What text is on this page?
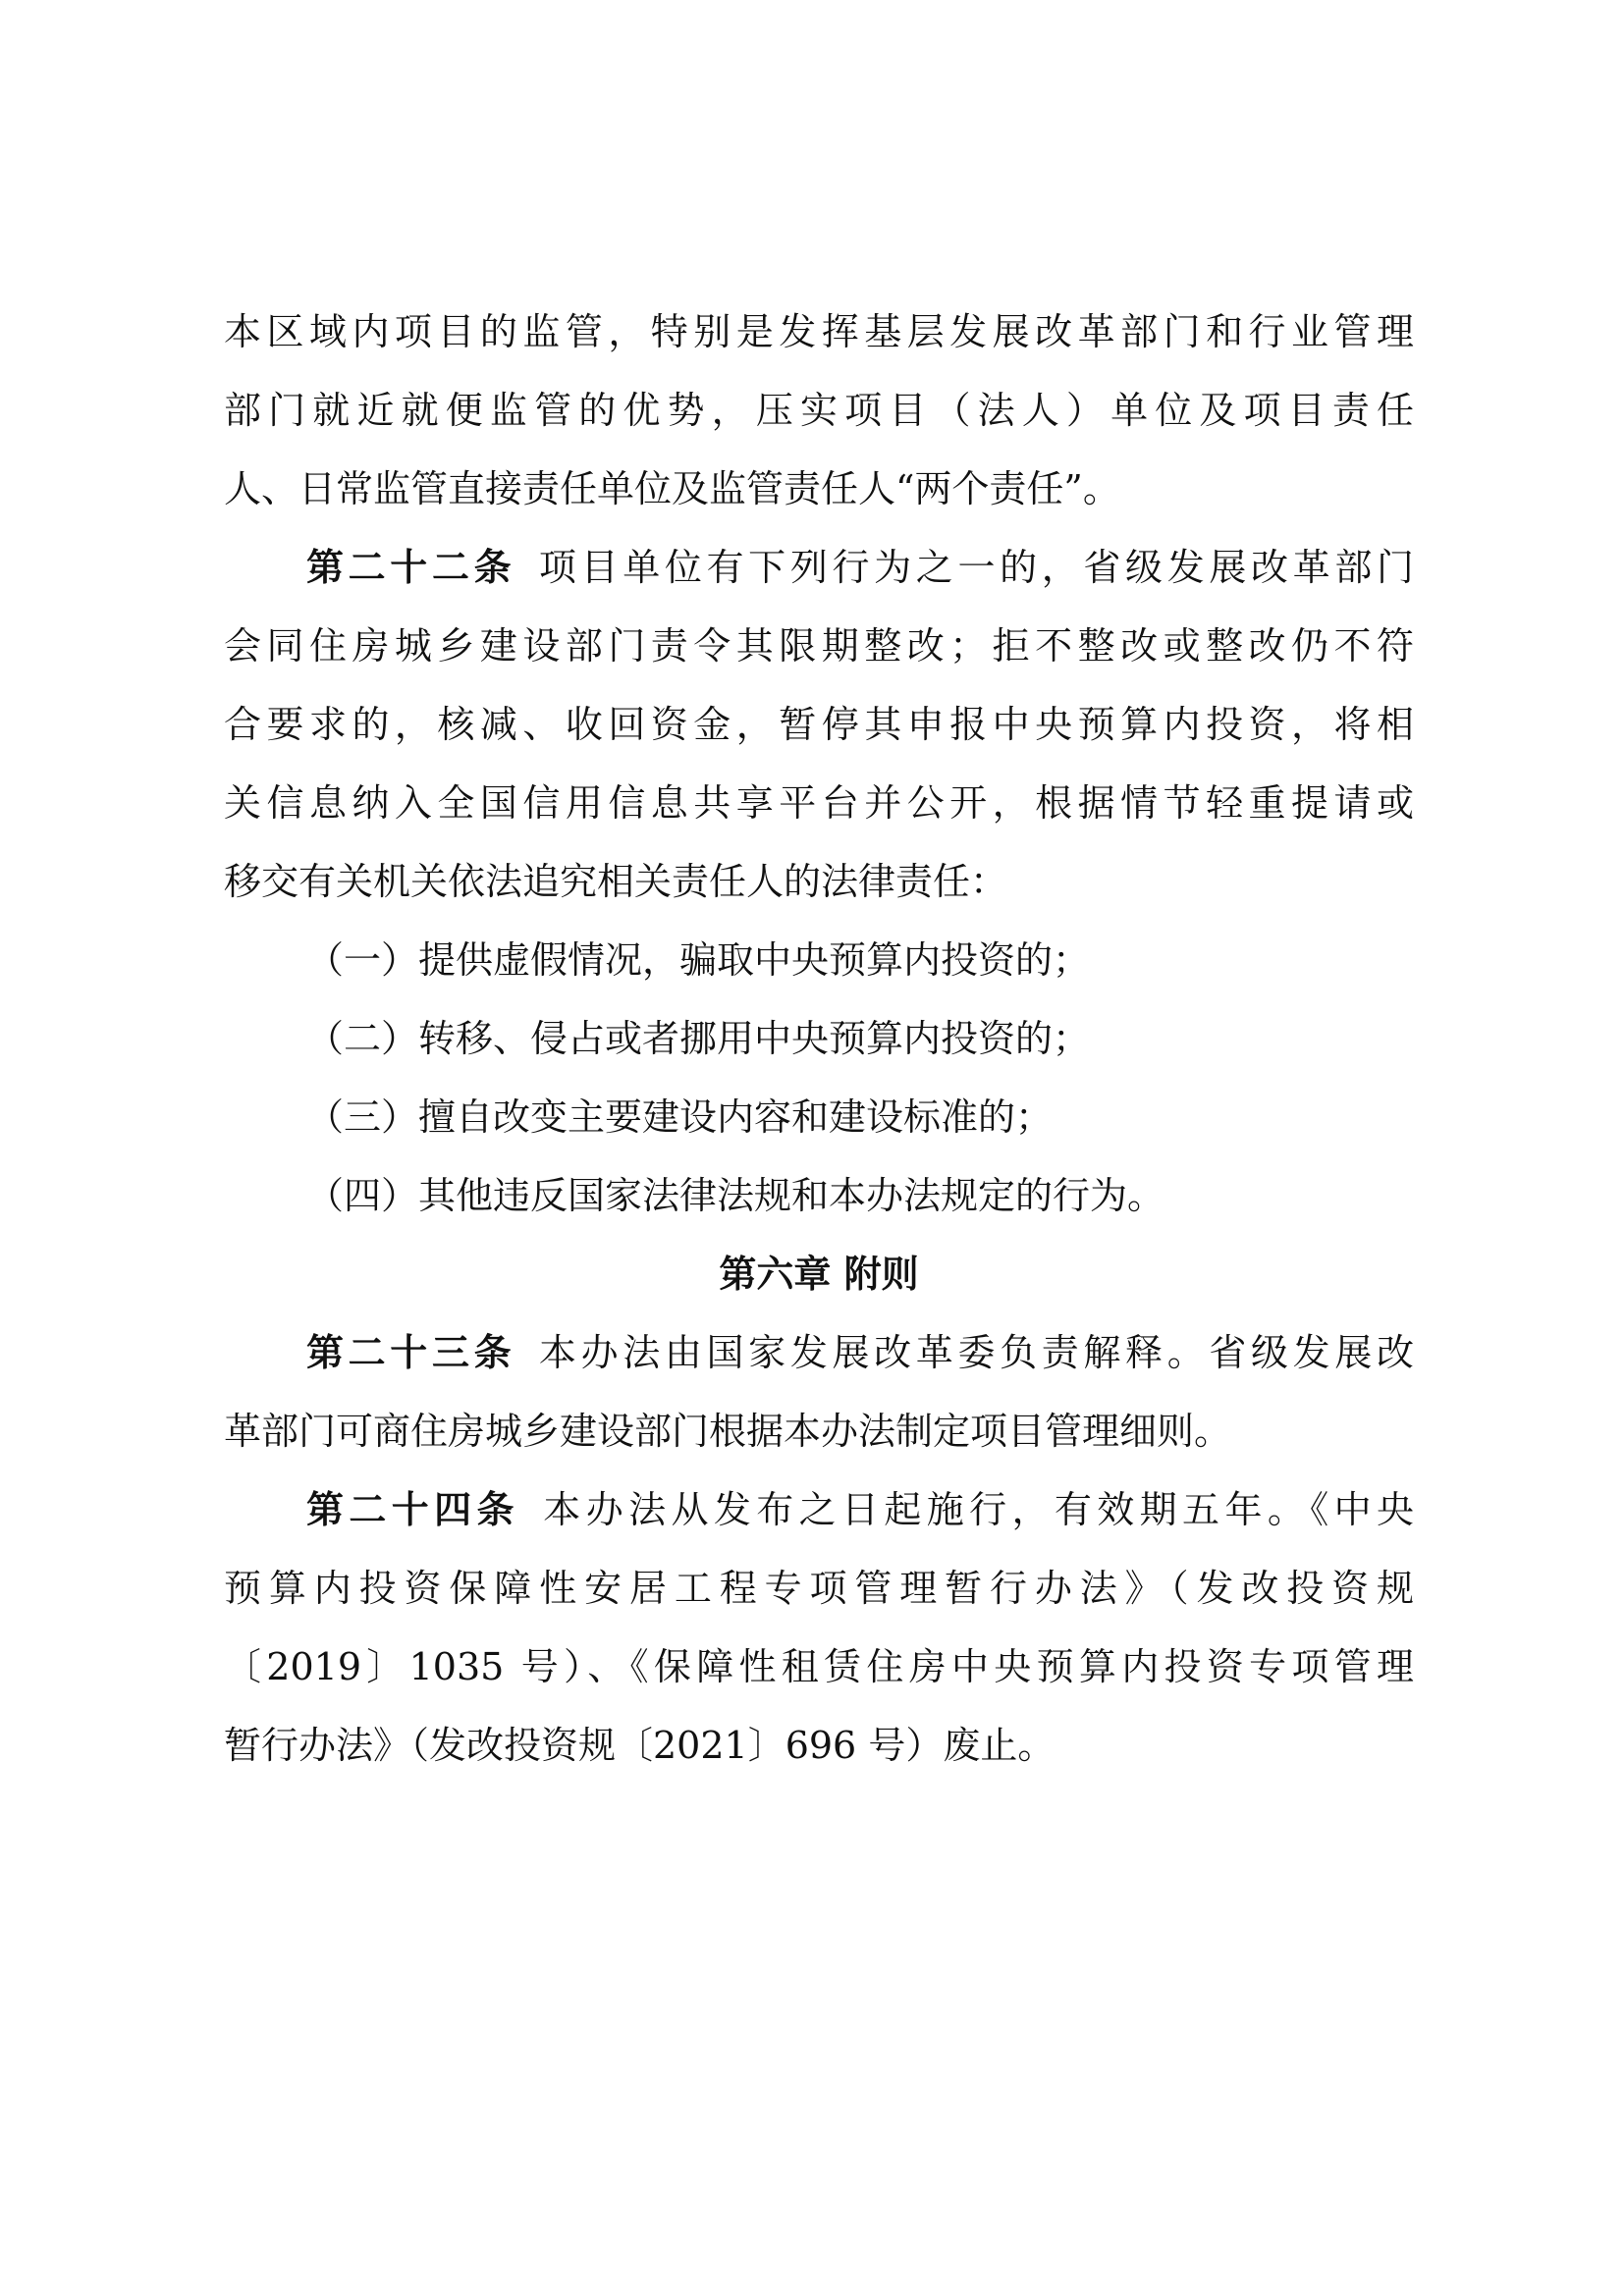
本区域内项目的监管，特别是发挥基层发展改革部门和行业管理
部门就近就便监管的优势，压实项目（法人）单位及项目责任
人、日常监管直接责任单位及监管责任人“两个责任”。
第二十二条  项目单位有下列行为之一的，省级发展改革部门
会同住房城乡建设部门责令其限期整改；拒不整改或整改仍不符
合要求的，核减、收回资金，暂停其申报中央预算内投资，将相
关信息纳入全国信用信息共享平台并公开，根据情节轻重提请或
移交有关机关依法追究相关责任人的法律责任：
（一）提供虚假情况，骗取中央预算内投资的；
（二）转移、侵占或者挪用中央预算内投资的；
（三）擅自改变主要建设内容和建设标准的；
（四）其他违反国家法律法规和本办法规定的行为。
第六章 附则
第二十三条  本办法由国家发展改革委负责解释。省级发展改
革部门可商住房城乡建设部门根据本办法制定项目管理细则。
第二十四条  本办法从发布之日起施行，有效期五年。《中央
预算内投资保障性安居工程专项管理暂行办法》（发改投资规
〔2019〕1035 号）、《保障性租赁住房中央预算内投资专项管理
暂行办法》（发改投资规〔2021〕696 号）废止。
